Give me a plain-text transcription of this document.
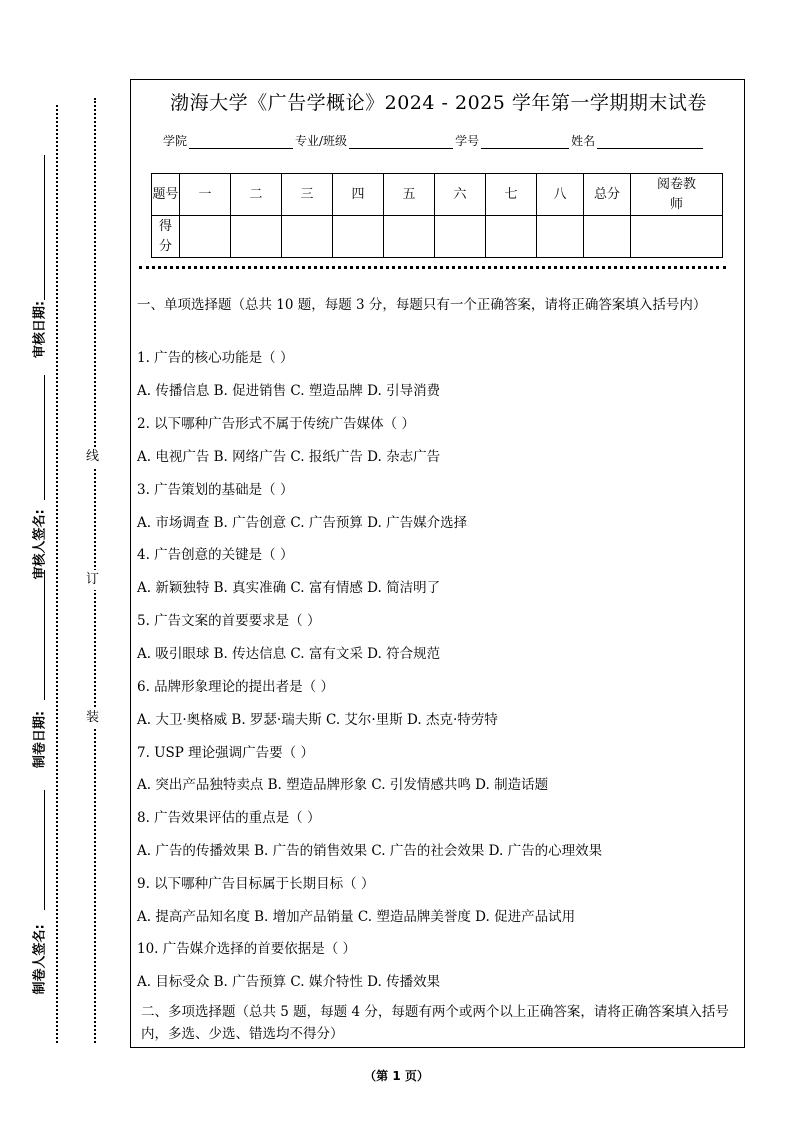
审核日期:
审核人签名:
制卷日期:
制卷人签名:
线
订
装
渤海大学《广告学概论》2024 - 2025 学年第一学期期末试卷
学院	专业/班级	学号	姓名
题号	一	二	三	四	五	六	七	八	总分	阅卷教师
得分										
一、单项选择题（总共 10 题，每题 3 分，每题只有一个正确答案，请将正确答案填入括号内）
1. 广告的核心功能是（ ）
A. 传播信息 B. 促进销售 C. 塑造品牌 D. 引导消费
2. 以下哪种广告形式不属于传统广告媒体（ ）
A. 电视广告 B. 网络广告 C. 报纸广告 D. 杂志广告
3. 广告策划的基础是（ ）
A. 市场调查 B. 广告创意 C. 广告预算 D. 广告媒介选择
4. 广告创意的关键是（ ）
A. 新颖独特 B. 真实准确 C. 富有情感 D. 简洁明了
5. 广告文案的首要要求是（ ）
A. 吸引眼球 B. 传达信息 C. 富有文采 D. 符合规范
6. 品牌形象理论的提出者是（ ）
A. 大卫·奥格威 B. 罗瑟·瑞夫斯 C. 艾尔·里斯 D. 杰克·特劳特
7. USP 理论强调广告要（ ）
A. 突出产品独特卖点 B. 塑造品牌形象 C. 引发情感共鸣 D. 制造话题
8. 广告效果评估的重点是（ ）
A. 广告的传播效果 B. 广告的销售效果 C. 广告的社会效果 D. 广告的心理效果
9. 以下哪种广告目标属于长期目标（ ）
A. 提高产品知名度 B. 增加产品销量 C. 塑造品牌美誉度 D. 促进产品试用
10. 广告媒介选择的首要依据是（ ）
A. 目标受众 B. 广告预算 C. 媒介特性 D. 传播效果
二、多项选择题（总共 5 题，每题 4 分，每题有两个或两个以上正确答案，请将正确答案填入括号内，多选、少选、错选均不得分）
（第 1 页）
